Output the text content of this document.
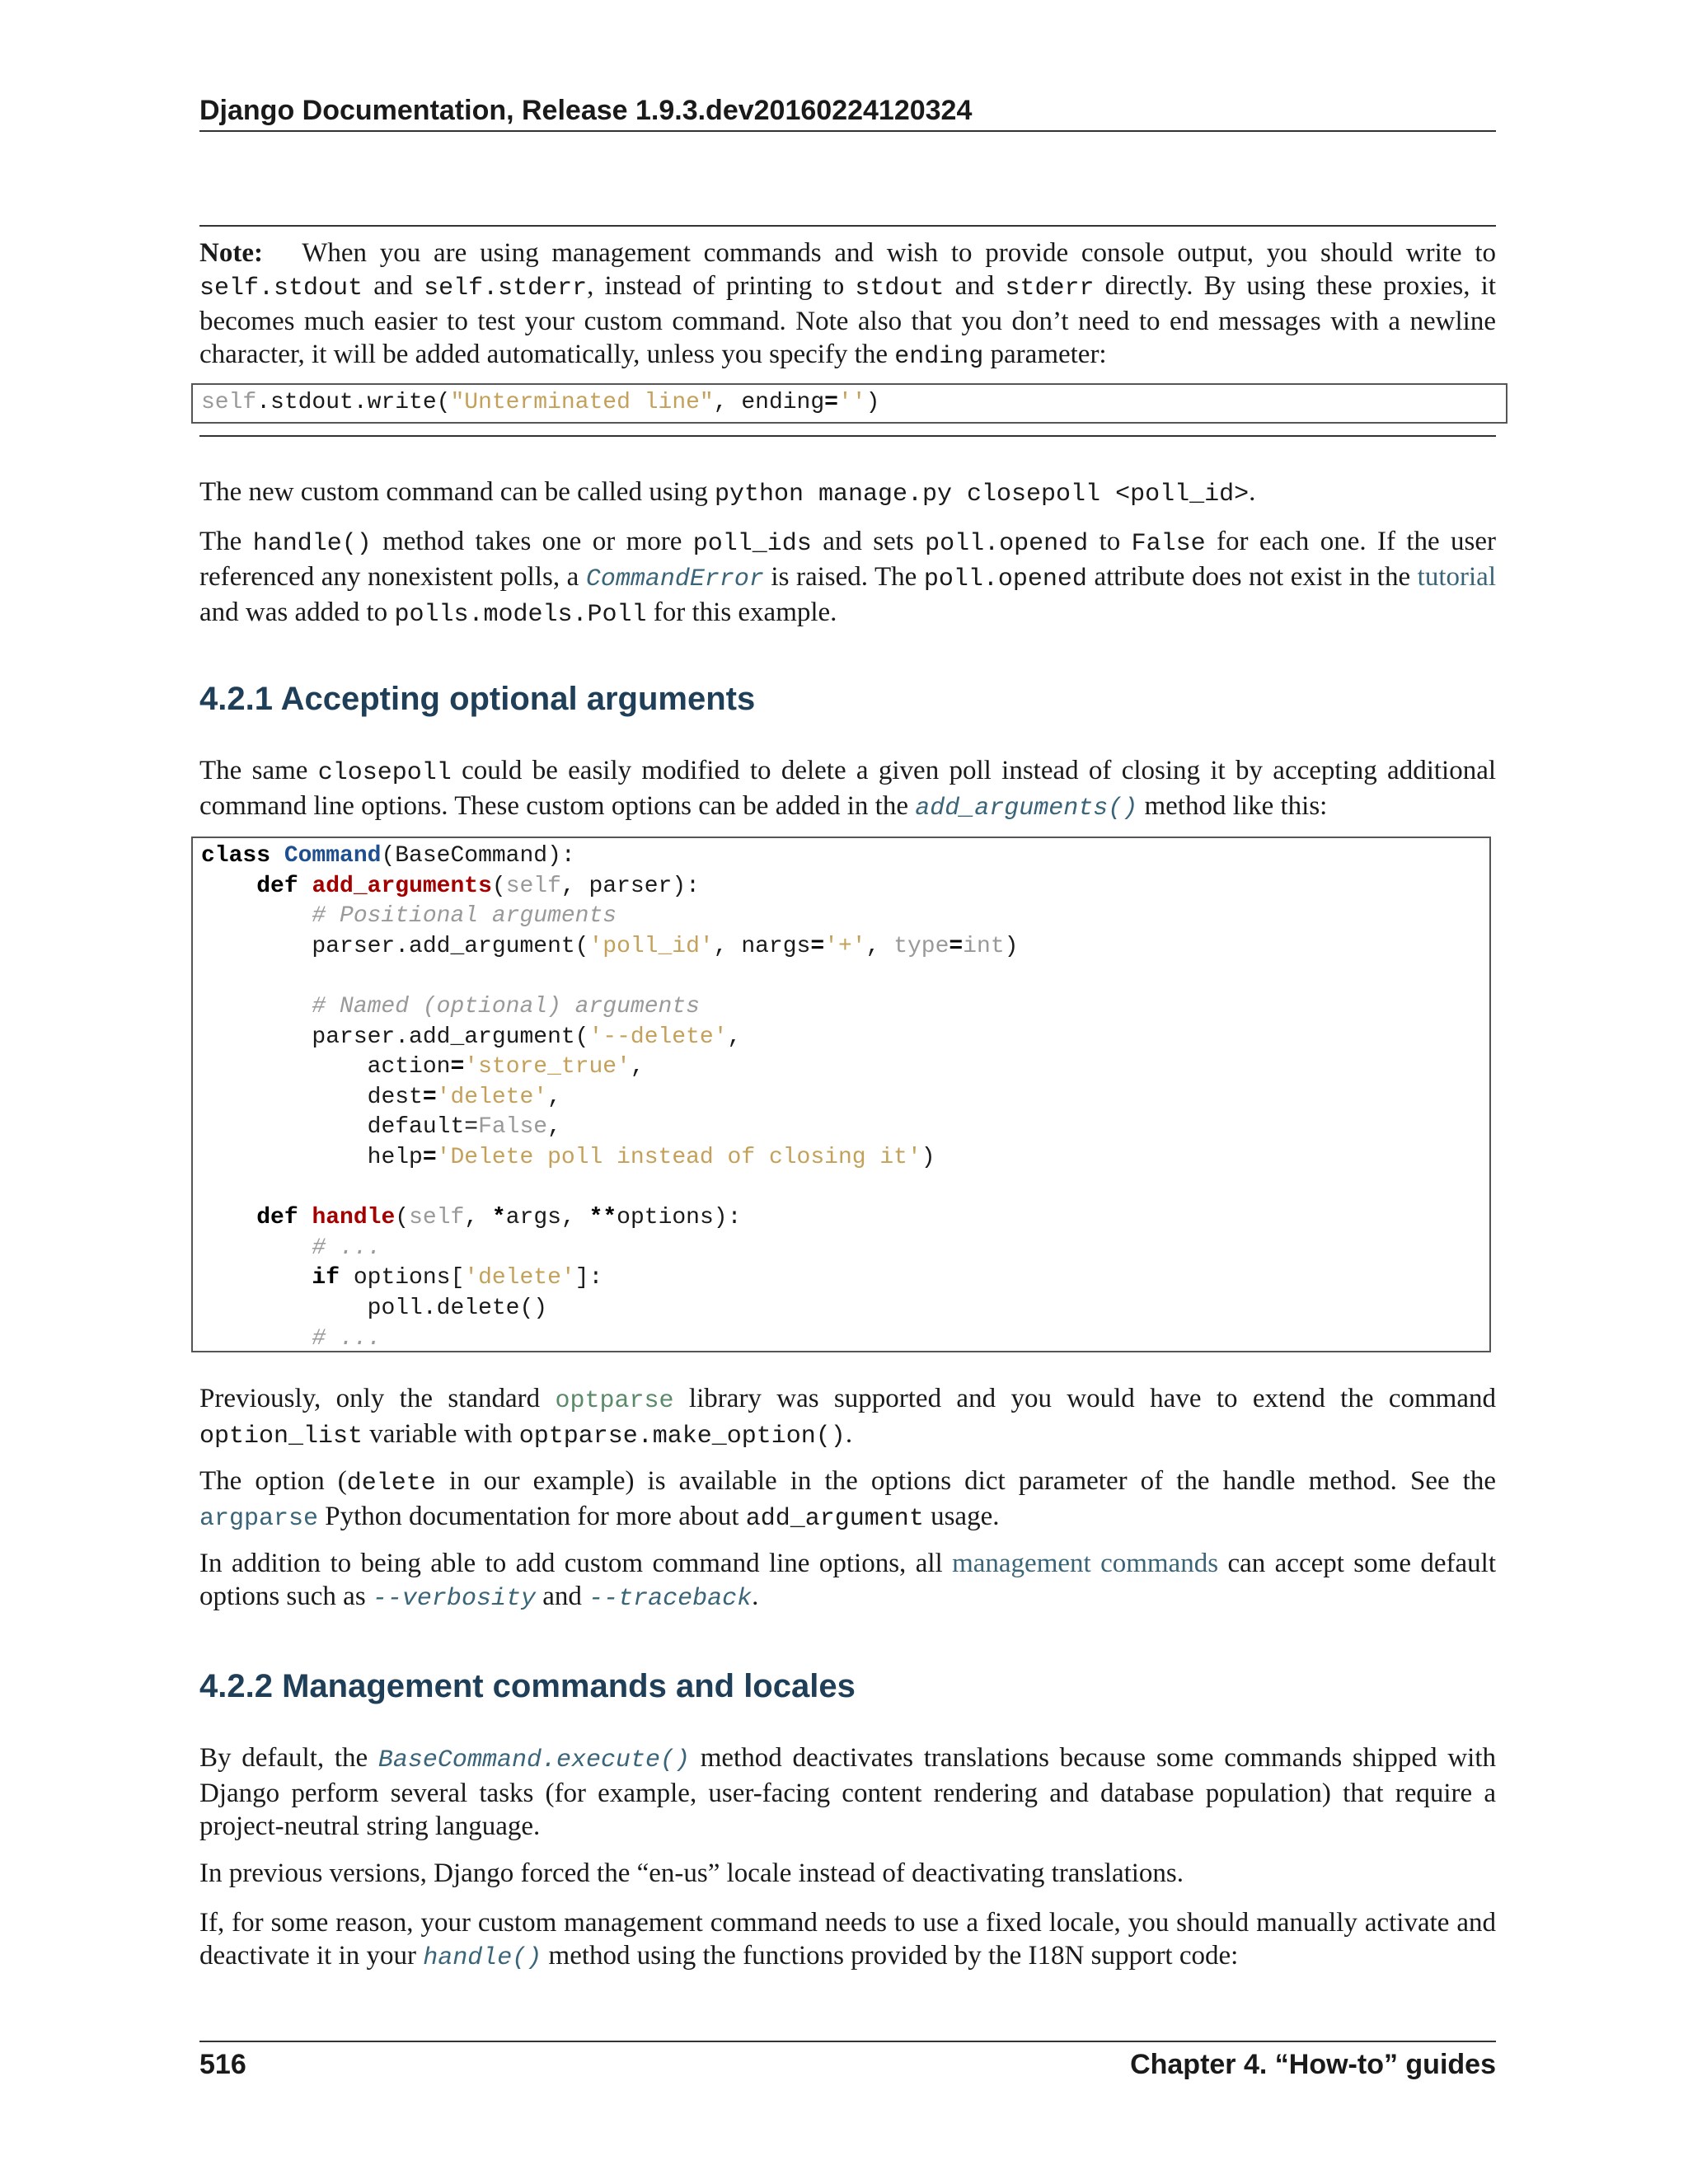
Django Documentation, Release 1.9.3.dev20160224120324

Note: When you are using management commands and wish to provide console output, you should write to self.stdout and self.stderr, instead of printing to stdout and stderr directly. By using these proxies, it becomes much easier to test your custom command. Note also that you don’t need to end messages with a newline character, it will be added automatically, unless you specify the ending parameter:

self.stdout.write("Unterminated line", ending='')

The new custom command can be called using python manage.py closepoll <poll_id>.

The handle() method takes one or more poll_ids and sets poll.opened to False for each one. If the user referenced any nonexistent polls, a CommandError is raised. The poll.opened attribute does not exist in the tutorial and was added to polls.models.Poll for this example.

4.2.1 Accepting optional arguments

The same closepoll could be easily modified to delete a given poll instead of closing it by accepting additional command line options. These custom options can be added in the add_arguments() method like this:

class Command(BaseCommand):
def add_arguments(self, parser):
# Positional arguments
parser.add_argument('poll_id', nargs='+', type=int)

# Named (optional) arguments
parser.add_argument('--delete',
action='store_true',
dest='delete',
default=False,
help='Delete poll instead of closing it')

def handle(self, *args, **options):
# ...
if options['delete']:
poll.delete()
# ...

Previously, only the standard optparse library was supported and you would have to extend the command option_list variable with optparse.make_option().

The option (delete in our example) is available in the options dict parameter of the handle method. See the argparse Python documentation for more about add_argument usage.

In addition to being able to add custom command line options, all management commands can accept some default options such as --verbosity and --traceback.

4.2.2 Management commands and locales

By default, the BaseCommand.execute() method deactivates translations because some commands shipped with Django perform several tasks (for example, user-facing content rendering and database population) that require a project-neutral string language.

In previous versions, Django forced the “en-us” locale instead of deactivating translations.

If, for some reason, your custom management command needs to use a fixed locale, you should manually activate and deactivate it in your handle() method using the functions provided by the I18N support code:

516	Chapter 4. “How-to” guides
